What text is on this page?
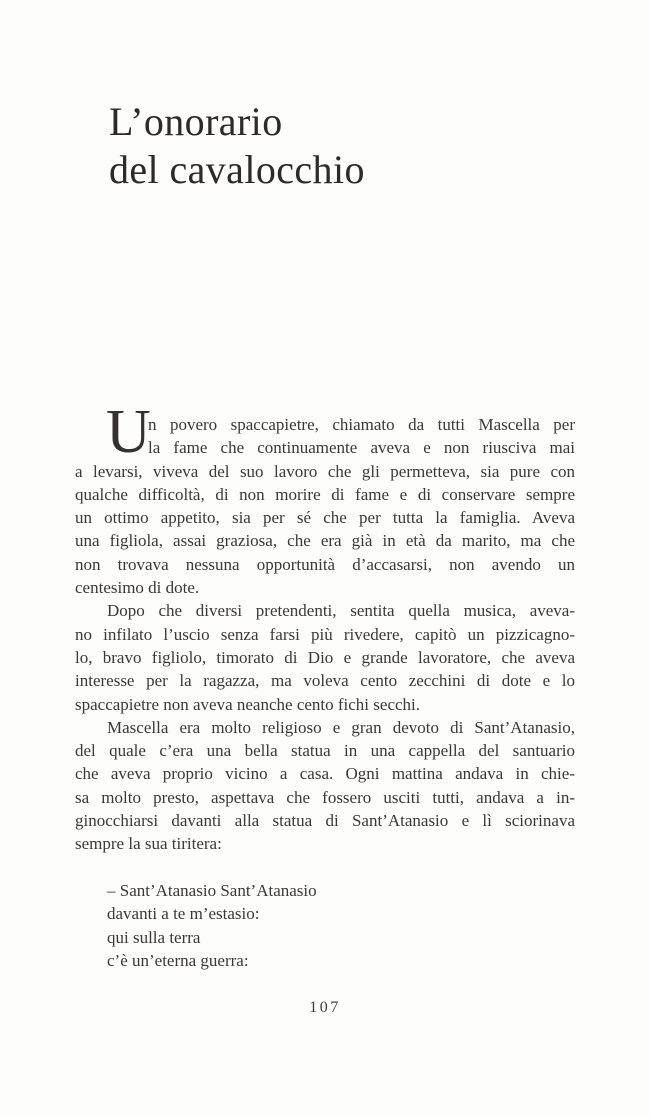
L’onorario
del cavalocchio
U
n povero spaccapietre, chiamato da tutti Mascella per
la fame che continuamente aveva e non riusciva mai
a levarsi, viveva del suo lavoro che gli permetteva, sia pure con
qualche difficoltà, di non morire di fame e di conservare sempre
un ottimo appetito, sia per sé che per tutta la famiglia. Aveva
una figliola, assai graziosa, che era già in età da marito, ma che
non trovava nessuna opportunità d’accasarsi, non avendo un
centesimo di dote.
Dopo che diversi pretendenti, sentita quella musica, aveva-
no infilato l’uscio senza farsi più rivedere, capitò un pizzicagno-
lo, bravo figliolo, timorato di Dio e grande lavoratore, che aveva
interesse per la ragazza, ma voleva cento zecchini di dote e lo
spaccapietre non aveva neanche cento fichi secchi.
Mascella era molto religioso e gran devoto di Sant’Atanasio,
del quale c’era una bella statua in una cappella del santuario
che aveva proprio vicino a casa. Ogni mattina andava in chie-
sa molto presto, aspettava che fossero usciti tutti, andava a in-
ginocchiarsi davanti alla statua di Sant’Atanasio e lì sciorinava
sempre la sua tiritera:
– Sant’Atanasio Sant’Atanasio
davanti a te m’estasio:
qui sulla terra
c’è un’eterna guerra:
107
